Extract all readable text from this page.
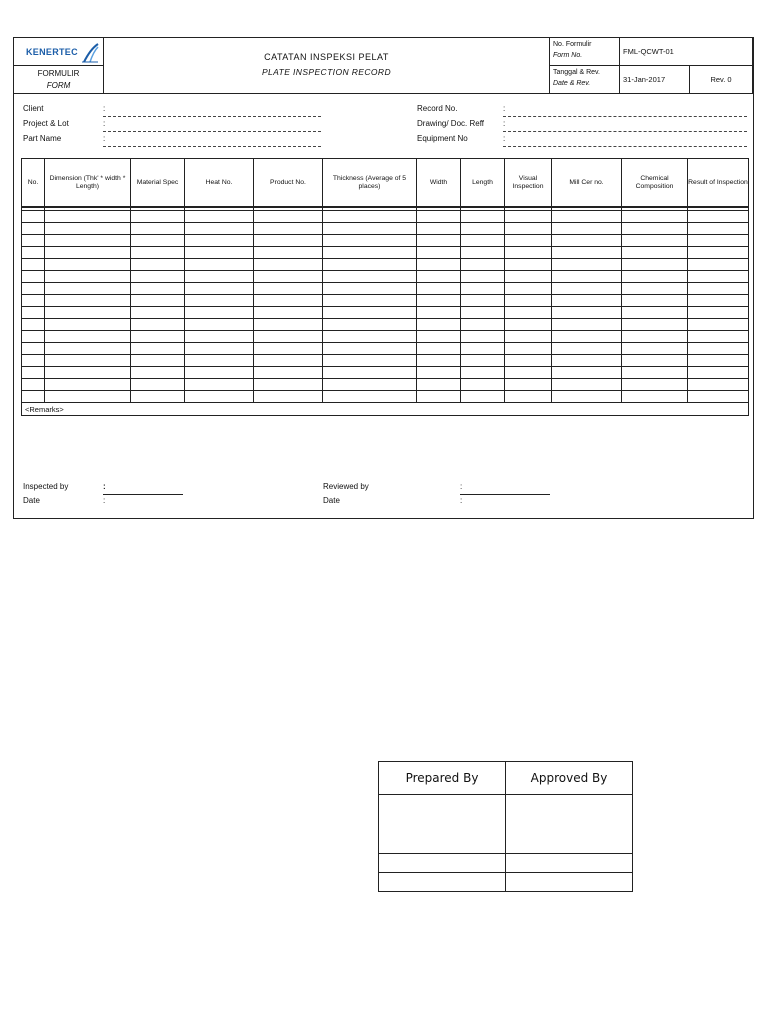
KENERTEC
FORMULIR
FORM
CATATAN INSPEKSI PELAT
PLATE INSPECTION RECORD
No. Formulir
Form No.	FML-QCWT-01
Tanggal & Rev.
Date & Rev.	31-Jan-2017	Rev. 0
Client	:
Project & Lot	:
Part Name	:
Record No.	:
Drawing/ Doc. Reff :
Equipment No	:
No.	Dimension (Thk' * width * Length)	Material Spec	Heat No.	Product No.	Thickness (Average of 5 places)	Width	Length	Visual Inspection	Mill Cer no.	Chemical Composition	Result of Inspection

<Remarks>											
Inspected by	:
Date	:
Reviewed by	:
Date	:
Prepared By	Approved By
